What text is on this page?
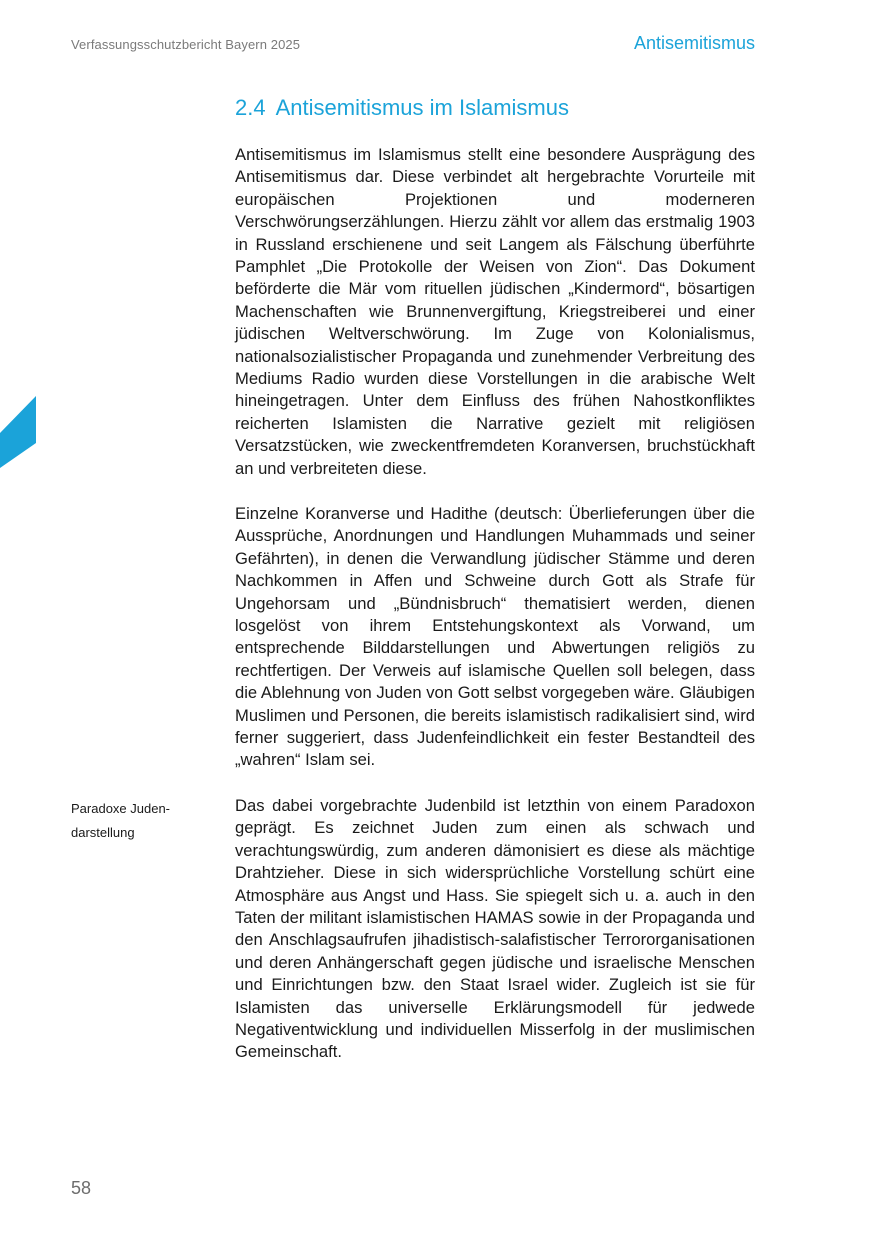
Verfassungsschutzbericht Bayern 2025	Antisemitismus
2.4 Antisemitismus im Islamismus

Antisemitismus im Islamismus stellt eine besondere Ausprägung des Antisemitismus dar. Diese verbindet alt hergebrachte Vorurteile mit europäischen Projektionen und moderneren Verschwörungserzählungen. Hierzu zählt vor allem das erstmalig 1903 in Russland erschienene und seit Langem als Fälschung überführte Pamphlet „Die Protokolle der Weisen von Zion“. Das Dokument beförderte die Mär vom rituellen jüdischen „Kindermord“, bösartigen Machenschaften wie Brunnenvergiftung, Kriegstreiberei und einer jüdischen Weltverschwörung. Im Zuge von Kolonialismus, nationalsozialistischer Propaganda und zunehmender Verbreitung des Mediums Radio wurden diese Vorstellungen in die arabische Welt hineingetragen. Unter dem Einfluss des frühen Nahostkonfliktes reicherten Islamisten die Narrative gezielt mit religiösen Versatzstücken, wie zweckentfremdeten Koranversen, bruchstückhaft an und verbreiteten diese.

Einzelne Koranverse und Hadithe (deutsch: Überlieferungen über die Aussprüche, Anordnungen und Handlungen Muhammads und seiner Gefährten), in denen die Verwandlung jüdischer Stämme und deren Nachkommen in Affen und Schweine durch Gott als Strafe für Ungehorsam und „Bündnisbruch“ thematisiert werden, dienen losgelöst von ihrem Entstehungskontext als Vorwand, um entsprechende Bilddarstellungen und Abwertungen religiös zu rechtfertigen. Der Verweis auf islamische Quellen soll belegen, dass die Ablehnung von Juden von Gott selbst vorgegeben wäre. Gläubigen Muslimen und Personen, die bereits islamistisch radikalisiert sind, wird ferner suggeriert, dass Judenfeindlichkeit ein fester Bestandteil des „wahren“ Islam sei.

Paradoxe Juden-darstellung

Das dabei vorgebrachte Judenbild ist letzthin von einem Paradoxon geprägt. Es zeichnet Juden zum einen als schwach und verachtungswürdig, zum anderen dämonisiert es diese als mächtige Drahtzieher. Diese in sich widersprüchliche Vorstellung schürt eine Atmosphäre aus Angst und Hass. Sie spiegelt sich u. a. auch in den Taten der militant islamistischen HAMAS sowie in der Propaganda und den Anschlagsaufrufen jihadistisch-salafistischer Terrororganisationen und deren Anhängerschaft gegen jüdische und israelische Menschen und Einrichtungen bzw. den Staat Israel wider. Zugleich ist sie für Islamisten das universelle Erklärungsmodell für jedwede Negativentwicklung und individuellen Misserfolg in der muslimischen Gemeinschaft.

58
